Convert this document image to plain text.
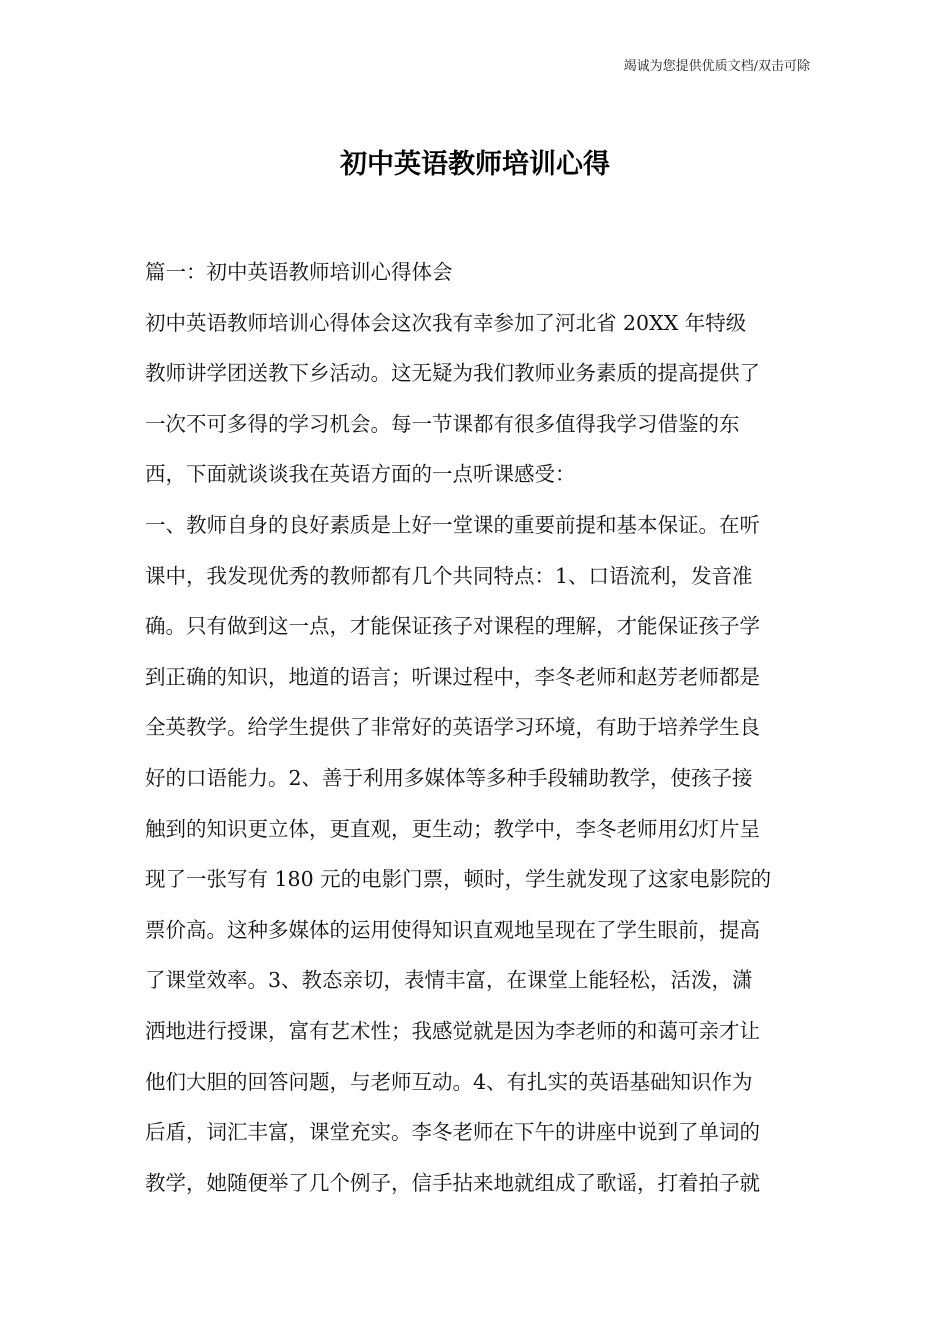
竭诚为您提供优质文档/双击可除
初中英语教师培训心得
篇一：初中英语教师培训心得体会
初中英语教师培训心得体会这次我有幸参加了河北省 20XX 年特级
教师讲学团送教下乡活动。这无疑为我们教师业务素质的提高提供了
一次不可多得的学习机会。每一节课都有很多值得我学习借鉴的东
西，下面就谈谈我在英语方面的一点听课感受：
一、教师自身的良好素质是上好一堂课的重要前提和基本保证。在听
课中，我发现优秀的教师都有几个共同特点：1、口语流利，发音准
确。只有做到这一点，才能保证孩子对课程的理解，才能保证孩子学
到正确的知识，地道的语言；听课过程中，李冬老师和赵芳老师都是
全英教学。给学生提供了非常好的英语学习环境，有助于培养学生良
好的口语能力。2、善于利用多媒体等多种手段辅助教学，使孩子接
触到的知识更立体，更直观，更生动；教学中，李冬老师用幻灯片呈
现了一张写有 180 元的电影门票，顿时，学生就发现了这家电影院的
票价高。这种多媒体的运用使得知识直观地呈现在了学生眼前，提高
了课堂效率。3、教态亲切，表情丰富，在课堂上能轻松，活泼，潇
洒地进行授课，富有艺术性；我感觉就是因为李老师的和蔼可亲才让
他们大胆的回答问题，与老师互动。4、有扎实的英语基础知识作为
后盾，词汇丰富，课堂充实。李冬老师在下午的讲座中说到了单词的
教学，她随便举了几个例子，信手拈来地就组成了歌谣，打着拍子就
